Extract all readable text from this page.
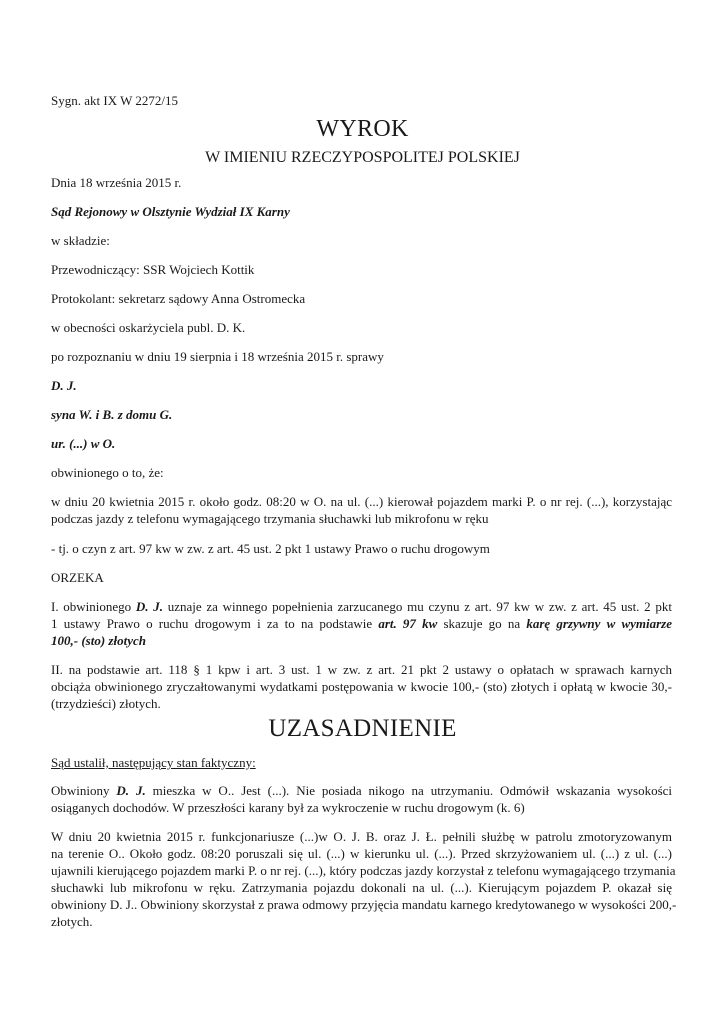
Sygn. akt IX W 2272/15

WYROK
W IMIENIU RZECZYPOSPOLITEJ POLSKIEJ

Dnia 18 września 2015 r.

Sąd Rejonowy w Olsztynie Wydział IX Karny

w składzie:

Przewodniczący: SSR Wojciech Kottik

Protokolant: sekretarz sądowy Anna Ostromecka

w obecności oskarżyciela publ. D. K.

po rozpoznaniu w dniu 19 sierpnia i 18 września 2015 r. sprawy

D. J.

syna W. i B. z domu G.

ur. (...) w O.

obwinionego o to, że:

w dniu 20 kwietnia 2015 r. około godz. 08:20 w O. na ul. (...) kierował pojazdem marki P. o nr rej. (...), korzystając
podczas jazdy z telefonu wymagającego trzymania słuchawki lub mikrofonu w ręku

- tj. o czyn z art. 97 kw w zw. z art. 45 ust. 2 pkt 1 ustawy Prawo o ruchu drogowym

ORZEKA

I. obwinionego D. J. uznaje za winnego popełnienia zarzucanego mu czynu z art. 97 kw w zw. z art. 45 ust. 2 pkt
1 ustawy Prawo o ruchu drogowym i za to na podstawie art. 97 kw skazuje go na karę grzywny w wymiarze
100,- (sto) złotych
II. na podstawie art. 118 § 1 kpw i art. 3 ust. 1 w zw. z art. 21 pkt 2 ustawy o opłatach w sprawach karnych
obciąża obwinionego zryczałtowanymi wydatkami postępowania w kwocie 100,- (sto) złotych i opłatą w kwocie 30,-
(trzydzieści) złotych.
UZASADNIENIE

Sąd ustalił, następujący stan faktyczny:

Obwiniony D. J. mieszka w O.. Jest (...). Nie posiada nikogo na utrzymaniu. Odmówił wskazania wysokości
osiąganych dochodów. W przeszłości karany był za wykroczenie w ruchu drogowym (k. 6)
W dniu 20 kwietnia 2015 r. funkcjonariusze (...)w O. J. B. oraz J. Ł. pełnili służbę w patrolu zmotoryzowanym
na terenie O.. Około godz. 08:20 poruszali się ul. (...) w kierunku ul. (...). Przed skrzyżowaniem ul. (...) z ul. (...)
ujawnili kierującego pojazdem marki P. o nr rej. (...), który podczas jazdy korzystał z telefonu wymagającego trzymania
słuchawki lub mikrofonu w ręku. Zatrzymania pojazdu dokonali na ul. (...). Kierującym pojazdem P. okazał się
obwiniony D. J.. Obwiniony skorzystał z prawa odmowy przyjęcia mandatu karnego kredytowanego w wysokości 200,-
złotych.
